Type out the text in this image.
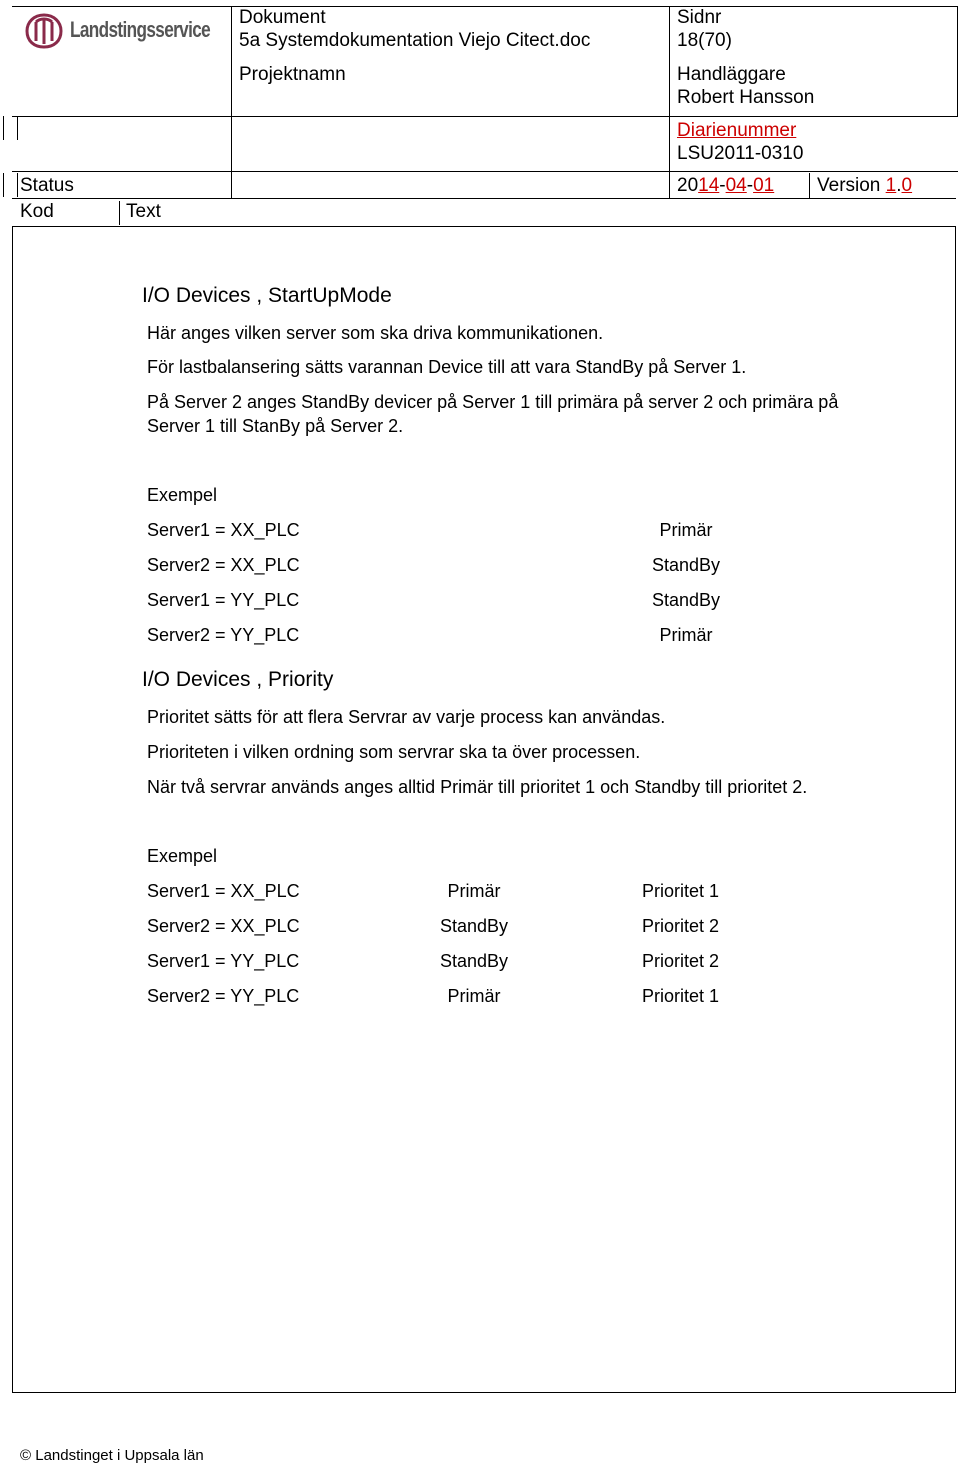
Landstingsservice Dokument
5a Systemdokumentation Viejo Citect.doc
Projektnamn
Sidnr
18(70)
Handläggare
Robert Hansson
Diarienummer
LSU2011-0310
Status	2014-04-01 Version 1.0
Kod	Text
I/O Devices , StartUpMode
Här anges vilken server som ska driva kommunikationen.
För lastbalansering sätts varannan Device till att vara StandBy på Server 1.
På Server 2 anges StandBy devicer på Server 1 till primära på server 2 och primära på
Server 1 till StanBy på Server 2.
Exempel
Server1 = XX_PLC	Primär
Server2 = XX_PLC	StandBy
Server1 = YY_PLC	StandBy
Server2 = YY_PLC	Primär
I/O Devices , Priority
Prioritet sätts för att flera Servrar av varje process kan användas.
Prioriteten i vilken ordning som servrar ska ta över processen.
När två servrar används anges alltid Primär till prioritet 1 och Standby till prioritet 2.
Exempel
Server1 = XX_PLC	Primär	Prioritet 1
Server2 = XX_PLC	StandBy	Prioritet 2
Server1 = YY_PLC	StandBy	Prioritet 2
Server2 = YY_PLC	Primär	Prioritet 1
© Landstinget i Uppsala län
